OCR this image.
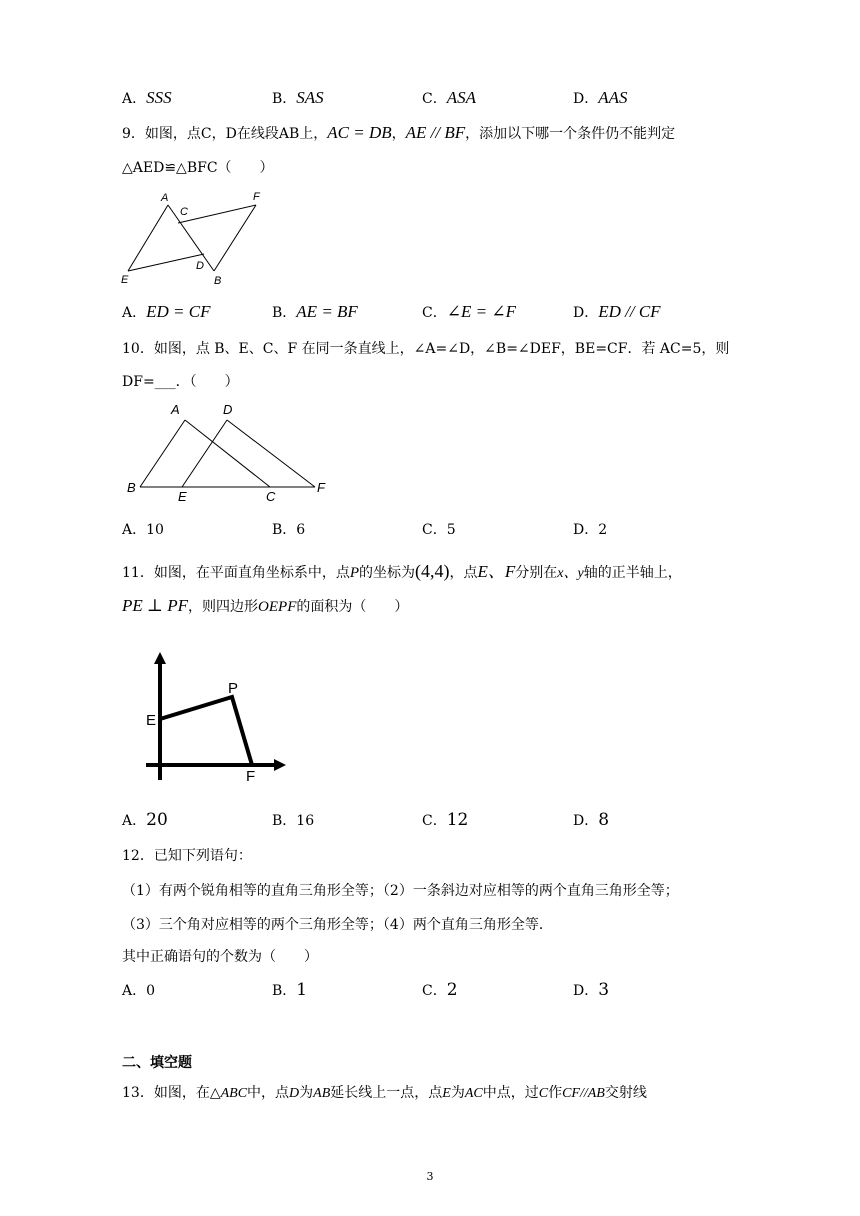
A．SSS	B．SAS	C．ASA	D．AAS
9．如图，点C，D在线段AB上，AC = DB，AE // BF，添加以下哪一个条件仍不能判定
△AED≌△BFC（　　）
A
C
F
E
D
B
A．ED = CF	B．AE = BF	C．∠E = ∠F	D．ED // CF
10．如图，点 B、E、C、F 在同一条直线上，∠A=∠D，∠B=∠DEF，BE=CF．若 AC=5，则
DF=___．（　　）
A	D
B
E	C
F
A．10	B．6	C．5	D．2
11．如图，在平面直角坐标系中，点P的坐标为(4,4)，点E、F分别在x、y轴的正半轴上，
PE ⊥ PF，则四边形OEPF的面积为（　　）
E
P
F
A．20	B．16	C．12	D．8
12．已知下列语句：
（1）有两个锐角相等的直角三角形全等；（2）一条斜边对应相等的两个直角三角形全等；
（3）三个角对应相等的两个三角形全等；（4）两个直角三角形全等．
其中正确语句的个数为（　　）
A．0	B．1	C．2	D．3
二、填空题
13．如图，在△ABC中，点D为AB延长线上一点，点E为AC中点，过C作CF//AB交射线
3
